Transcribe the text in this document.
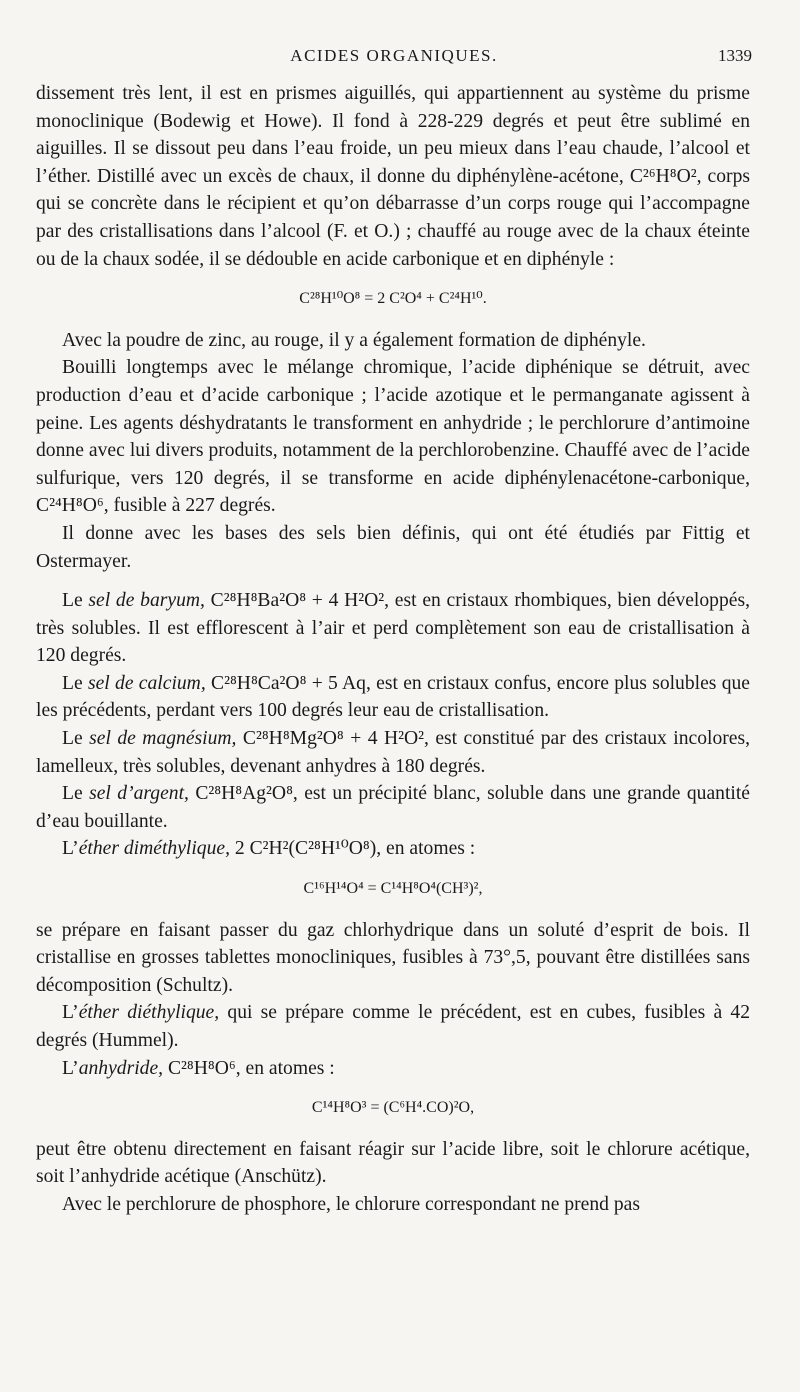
ACIDES ORGANIQUES.	1339

dissement très lent, il est en prismes aiguillés, qui appartiennent au système du prisme monoclinique (Bodewig et Howe). Il fond à 228-229 degrés et peut être sublimé en aiguilles. Il se dissout peu dans l’eau froide, un peu mieux dans l’eau chaude, l’alcool et l’éther. Distillé avec un excès de chaux, il donne du diphénylène-acétone, C²⁶H⁸O², corps qui se concrète dans le récipient et qu’on débarrasse d’un corps rouge qui l’accompagne par des cristallisations dans l’alcool (F. et O.) ; chauffé au rouge avec de la chaux éteinte ou de la chaux sodée, il se dédouble en acide carbonique et en diphényle :

C²⁸H¹⁰O⁸ = 2 C²O⁴ + C²⁴H¹⁰.

Avec la poudre de zinc, au rouge, il y a également formation de diphényle.

Bouilli longtemps avec le mélange chromique, l’acide diphénique se détruit, avec production d’eau et d’acide carbonique ; l’acide azotique et le permanganate agissent à peine. Les agents déshydratants le transforment en anhydride ; le perchlorure d’antimoine donne avec lui divers produits, notamment de la perchlorobenzine. Chauffé avec de l’acide sulfurique, vers 120 degrés, il se transforme en acide diphénylenacétone-carbonique, C²⁴H⁸O⁶, fusible à 227 degrés.

Il donne avec les bases des sels bien définis, qui ont été étudiés par Fittig et Ostermayer.

Le sel de baryum, C²⁸H⁸Ba²O⁸ + 4 H²O², est en cristaux rhombiques, bien développés, très solubles. Il est efflorescent à l’air et perd complètement son eau de cristallisation à 120 degrés.

Le sel de calcium, C²⁸H⁸Ca²O⁸ + 5 Aq, est en cristaux confus, encore plus solubles que les précédents, perdant vers 100 degrés leur eau de cristallisation.

Le sel de magnésium, C²⁸H⁸Mg²O⁸ + 4 H²O², est constitué par des cristaux incolores, lamelleux, très solubles, devenant anhydres à 180 degrés.

Le sel d’argent, C²⁸H⁸Ag²O⁸, est un précipité blanc, soluble dans une grande quantité d’eau bouillante.

L’éther diméthylique, 2 C²H²(C²⁸H¹⁰O⁸), en atomes :

C¹⁶H¹⁴O⁴ = C¹⁴H⁸O⁴(CH³)²,

se prépare en faisant passer du gaz chlorhydrique dans un soluté d’esprit de bois. Il cristallise en grosses tablettes monocliniques, fusibles à 73°,5, pouvant être distillées sans décomposition (Schultz).

L’éther diéthylique, qui se prépare comme le précédent, est en cubes, fusibles à 42 degrés (Hummel).

L’anhydride, C²⁸H⁸O⁶, en atomes :

C¹⁴H⁸O³ = (C⁶H⁴.CO)²O,

peut être obtenu directement en faisant réagir sur l’acide libre, soit le chlorure acétique, soit l’anhydride acétique (Anschütz).

Avec le perchlorure de phosphore, le chlorure correspondant ne prend pas
